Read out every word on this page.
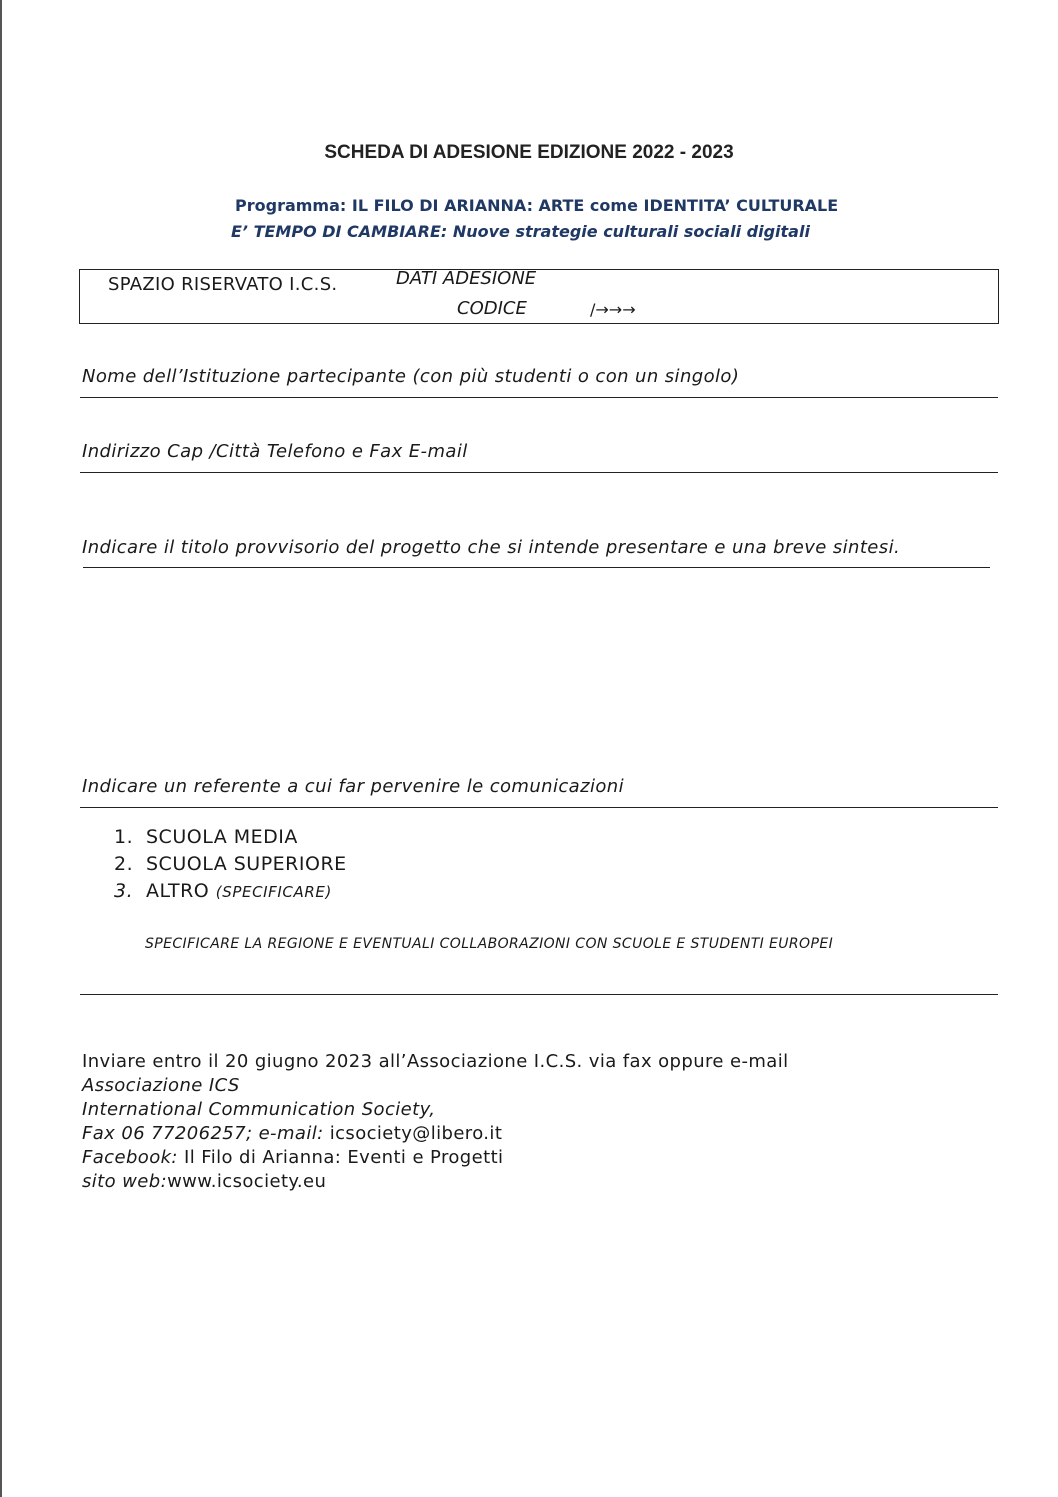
SCHEDA DI ADESIONE EDIZIONE 2022 - 2023
Programma: IL FILO DI ARIANNA: ARTE come IDENTITA’ CULTURALE
E’ TEMPO DI CAMBIARE: Nuove strategie culturali sociali digitali
SPAZIO RISERVATO I.C.S.	DATI ADESIONE
CODICE	/→→→
Nome dell’Istituzione partecipante (con più studenti o con un singolo)
Indirizzo Cap /Città Telefono e Fax E-mail
Indicare il titolo provvisorio del progetto che si intende presentare e una breve sintesi.
Indicare un referente a cui far pervenire le comunicazioni
1. SCUOLA MEDIA
2. SCUOLA SUPERIORE
3. ALTRO (SPECIFICARE)
SPECIFICARE LA REGIONE E EVENTUALI COLLABORAZIONI CON SCUOLE E STUDENTI EUROPEI
Inviare entro il 20 giugno 2023 all’Associazione I.C.S. via fax oppure e-mail
Associazione ICS
International Communication Society,
Fax 06 77206257; e-mail: icsociety@libero.it
Facebook: Il Filo di Arianna: Eventi e Progetti
sito web:www.icsociety.eu
